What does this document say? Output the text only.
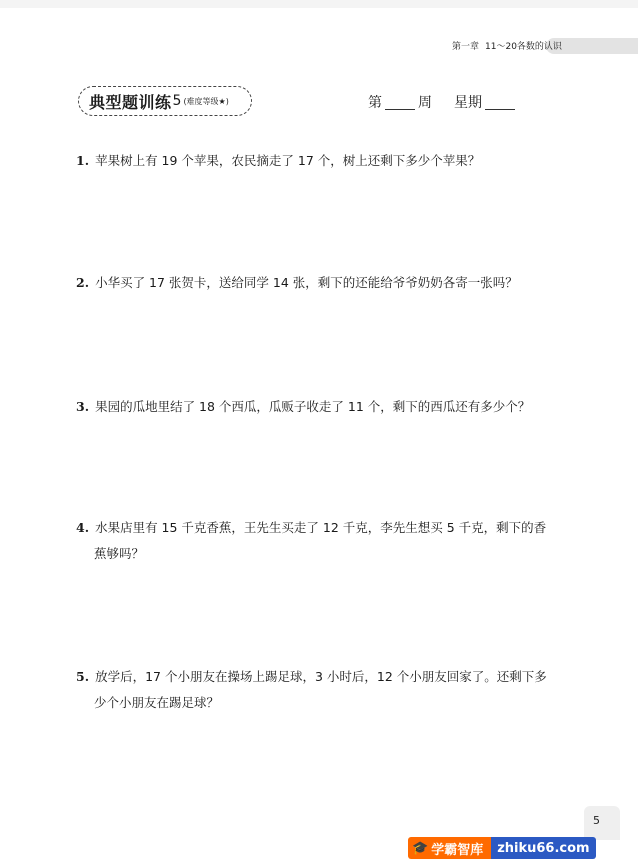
第一章 11～20各数的认识
典型题训练 5 (难度等级★)	第	周 星期
1. 苹果树上有 19 个苹果，农民摘走了 17 个，树上还剩下多少个苹果？
2. 小华买了 17 张贺卡，送给同学 14 张，剩下的还能给爷爷奶奶各寄一张吗？
3. 果园的瓜地里结了 18 个西瓜，瓜贩子收走了 11 个，剩下的西瓜还有多少个？
4. 水果店里有 15 千克香蕉，王先生买走了 12 千克，李先生想买 5 千克，剩下的香
蕉够吗？
5. 放学后，17 个小朋友在操场上踢足球，3 小时后，12 个小朋友回家了。还剩下多
少个小朋友在踢足球？
5
🎓 学霸智库 zhiku66.com
